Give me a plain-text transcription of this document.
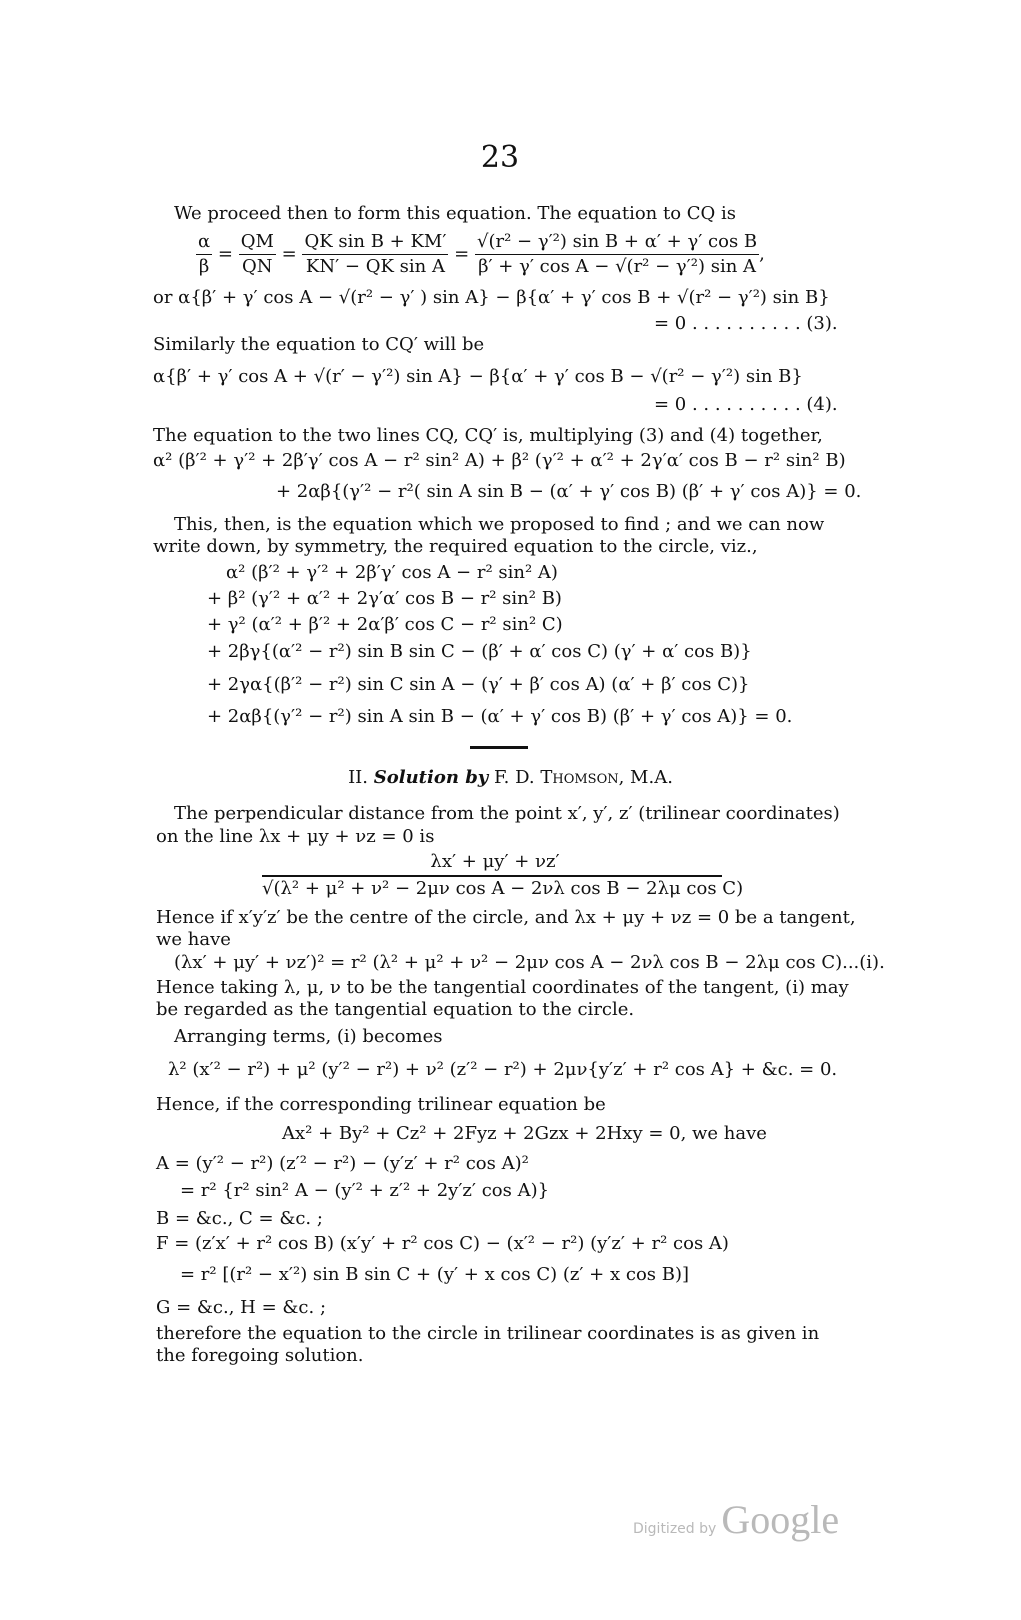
23
We proceed then to form this equation. The equation to CQ is
$\frac{\alpha}{\beta} = \frac{QM}{QN} = \frac{\text{QK sin B + KM′}}{\text{KN′ − QK sin A}} = \frac{\text{√(r² − γ′²) sin B + α′ + γ′ cos B}}{\text{β′ + γ′ cos A − √(r² − γ′²) sin A}}$ ,
or α{β′ + γ′ cos A − √(r² − γ′ ) sin A} − β{α′ + γ′ cos B + √(r² − γ′²) sin B}
= 0 . . . . . . . . . . (3).
Similarly the equation to CQ′ will be
α{β′ + γ′ cos A + √(r′ − γ′²) sin A} − β{α′ + γ′ cos B − √(r² − γ′²) sin B}
= 0 . . . . . . . . . . (4).
The equation to the two lines CQ, CQ′ is, multiplying (3) and (4) together,
α² (β′² + γ′² + 2β′γ′ cos A − r² sin² A) + β² (γ′² + α′² + 2γ′α′ cos B − r² sin² B)
+ 2αβ{(γ′² − r²( sin A sin B − (α′ + γ′ cos B) (β′ + γ′ cos A)} = 0.
This, then, is the equation which we proposed to find ; and we can now
write down, by symmetry, the required equation to the circle, viz.,
α² (β′² + γ′² + 2β′γ′ cos A − r² sin² A)
+ β² (γ′² + α′² + 2γ′α′ cos B − r² sin² B)
+ γ² (α′² + β′² + 2α′β′ cos C − r² sin² C)
+ 2βγ{(α′² − r²) sin B sin C − (β′ + α′ cos C) (γ′ + α′ cos B)}
+ 2γα{(β′² − r²) sin C sin A − (γ′ + β′ cos A) (α′ + β′ cos C)}
+ 2αβ{(γ′² − r²) sin A sin B − (α′ + γ′ cos B) (β′ + γ′ cos A)} = 0.
II. Solution by F. D. Thomson, M.A.
The perpendicular distance from the point x′, y′, z′ (trilinear coordinates)
on the line λx + μy + νz = 0 is
λx′ + μy′ + νz′
√(λ² + μ² + ν² − 2μν cos A − 2νλ cos B − 2λμ cos C)
Hence if x′y′z′ be the centre of the circle, and λx + μy + νz = 0 be a tangent,
we have
(λx′ + μy′ + νz′)² = r² (λ² + μ² + ν² − 2μν cos A − 2νλ cos B − 2λμ cos C)...(i).
Hence taking λ, μ, ν to be the tangential coordinates of the tangent, (i) may
be regarded as the tangential equation to the circle.
Arranging terms, (i) becomes
λ² (x′² − r²) + μ² (y′² − r²) + ν² (z′² − r²) + 2μν{y′z′ + r² cos A} + &c. = 0.
Hence, if the corresponding trilinear equation be
Ax² + By² + Cz² + 2Fyz + 2Gzx + 2Hxy = 0, we have
A = (y′² − r²) (z′² − r²) − (y′z′ + r² cos A)²
= r² {r² sin² A − (y′² + z′² + 2y′z′ cos A)}
B = &c., C = &c. ;
F = (z′x′ + r² cos B) (x′y′ + r² cos C) − (x′² − r²) (y′z′ + r² cos A)
= r² [(r² − x′²) sin B sin C + (y′ + x cos C) (z′ + x cos B)]
G = &c., H = &c. ;
therefore the equation to the circle in trilinear coordinates is as given in
the foregoing solution.
Digitized by Google
